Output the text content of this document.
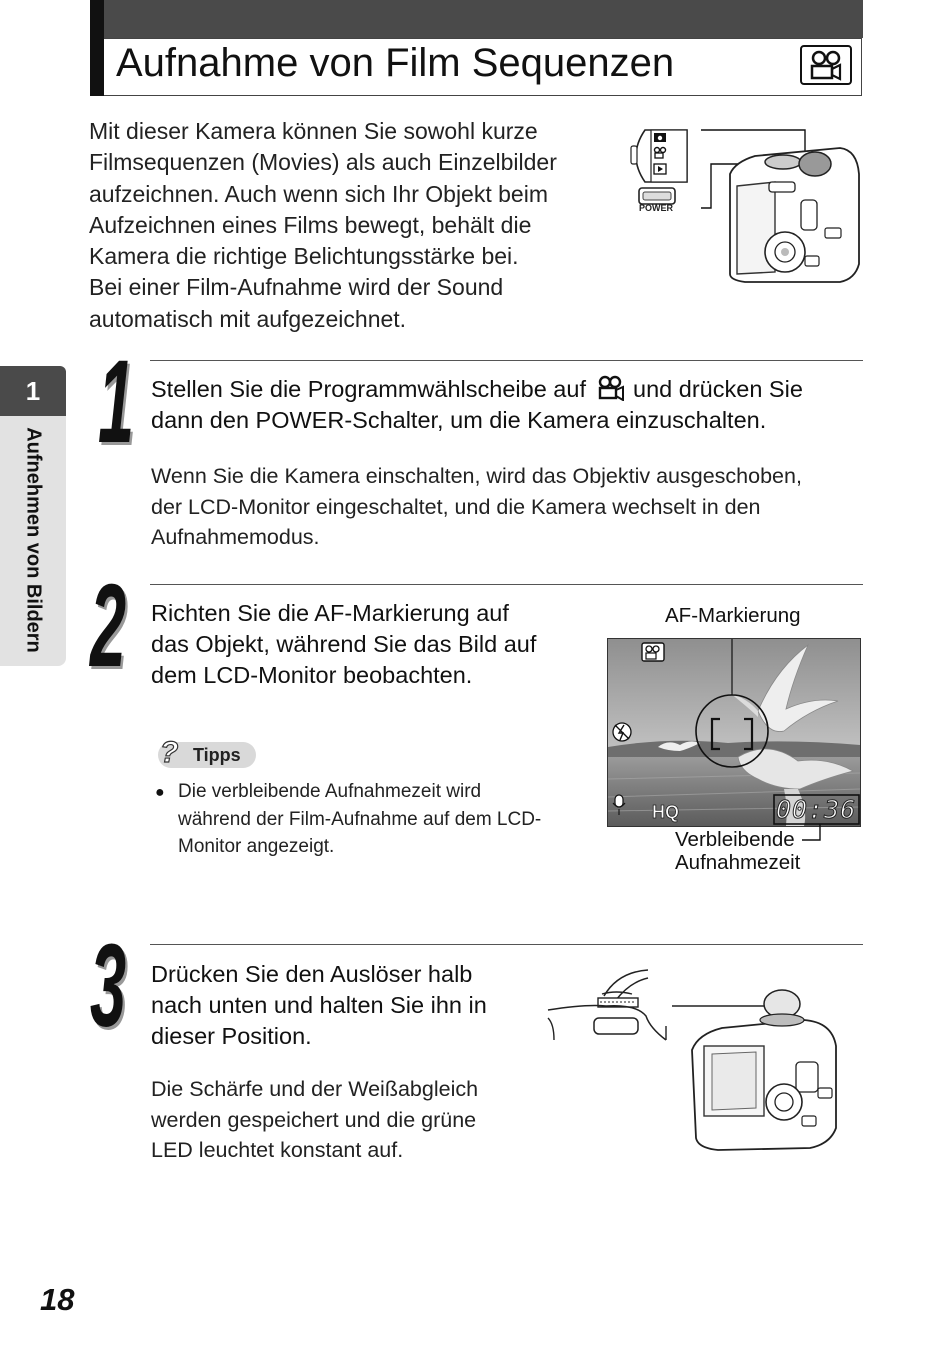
Aufnahme von Film Sequenzen
Mit dieser Kamera können Sie sowohl kurze
Filmsequenzen (Movies) als auch Einzelbilder
aufzeichnen. Auch wenn sich Ihr Objekt beim
Aufzeichnen eines Films bewegt, behält die
Kamera die richtige Belichtungsstärke bei.
Bei einer Film-Aufnahme wird der Sound
automatisch mit aufgezeichnet.
POWER
1
Aufnehmen von Bildern
1 Stellen Sie die Programmwählscheibe auf und drücken Sie
dann den POWER-Schalter, um die Kamera einzuschalten.
Wenn Sie die Kamera einschalten, wird das Objektiv ausgeschoben,
der LCD-Monitor eingeschaltet, und die Kamera wechselt in den
Aufnahmemodus.
2 Richten Sie die AF-Markierung auf
das Objekt, während Sie das Bild auf
dem LCD-Monitor beobachten.
? Tipps
● Die verbleibende Aufnahmezeit wird
während der Film-Aufnahme auf dem LCD-
Monitor angezeigt.
AF-Markierung
HQ	00:36
Verbleibende
Aufnahmezeit
3 Drücken Sie den Auslöser halb
nach unten und halten Sie ihn in
dieser Position.
Die Schärfe und der Weißabgleich
werden gespeichert und die grüne
LED leuchtet konstant auf.
18
